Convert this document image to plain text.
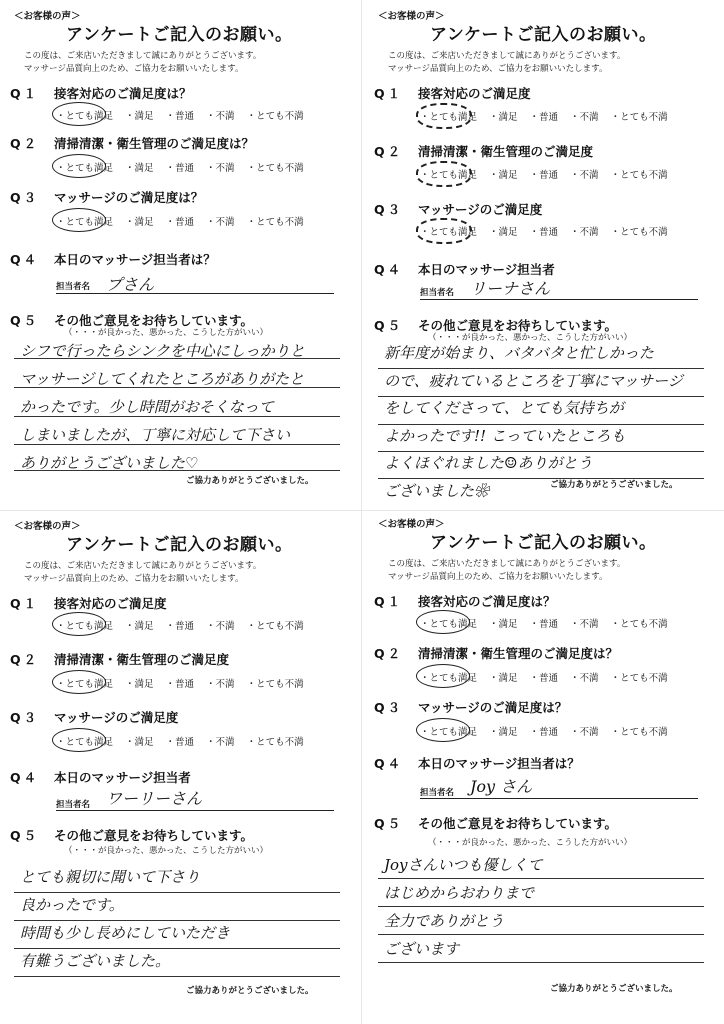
＜お客様の声＞
アンケートご記入のお願い。
この度は、ご来店いただきまして誠にありがとうございます。
マッサージ品質向上のため、ご協力をお願いいたします。
Q１ 接客対応のご満足度は？
Q２ 清掃清潔・衛生管理のご満足度は？
Q３ マッサージのご満足度は？
Q４ 本日のマッサージ担当者は？
Q５ その他ご意見をお待ちしています。
・とても満足 ・満足 ・普通 ・不満 ・とても不満
・とても満足 ・満足 ・普通 ・不満 ・とても不満
・とても満足 ・満足 ・普通 ・不満 ・とても不満
担当者名 プさん
（・・・が良かった、悪かった、こうした方がいい）
シフで行ったらシンクを中心にしっかりと
マッサージしてくれたところがありがたと
かったです。少し時間がおそくなって
しまいましたが、丁寧に対応して下さい
ありがとうございました♡
ご協力ありがとうございました。
＜お客様の声＞
アンケートご記入のお願い。
この度は、ご来店いただきまして誠にありがとうございます。
マッサージ品質向上のため、ご協力をお願いいたします。
Q１ 接客対応のご満足度
Q２ 清掃清潔・衛生管理のご満足度
Q３ マッサージのご満足度
Q４ 本日のマッサージ担当者
Q５ その他ご意見をお待ちしています。
・とても満足 ・満足 ・普通 ・不満 ・とても不満
・とても満足 ・満足 ・普通 ・不満 ・とても不満
・とても満足 ・満足 ・普通 ・不満 ・とても不満
担当者名 リーナさん
（・・・が良かった、悪かった、こうした方がいい）
新年度が始まり、バタバタと忙しかった
ので、疲れているところを丁寧にマッサージ
をしてくださって、とても気持ちが
よかったです!! こっていたところも
よくほぐれました☺ありがとう
ございました❀	ご協力ありがとうございました。
＜お客様の声＞
アンケートご記入のお願い。
この度は、ご来店いただきまして誠にありがとうございます。
マッサージ品質向上のため、ご協力をお願いいたします。
Q１ 接客対応のご満足度
Q２ 清掃清潔・衛生管理のご満足度
Q３ マッサージのご満足度
Q４ 本日のマッサージ担当者
Q５ その他ご意見をお待ちしています。
・とても満足 ・満足 ・普通 ・不満 ・とても不満
・とても満足 ・満足 ・普通 ・不満 ・とても不満
・とても満足 ・満足 ・普通 ・不満 ・とても不満
担当者名 ワーリーさん
（・・・が良かった、悪かった、こうした方がいい）
とても親切に聞いて下さり
良かったです。
時間も少し長めにしていただき
有難うございました。
ご協力ありがとうございました。
＜お客様の声＞
アンケートご記入のお願い。
この度は、ご来店いただきまして誠にありがとうございます。
マッサージ品質向上のため、ご協力をお願いいたします。
Q１ 接客対応のご満足度は？
Q２ 清掃清潔・衛生管理のご満足度は？
Q３ マッサージのご満足度は？
Q４ 本日のマッサージ担当者は？
Q５ その他ご意見をお待ちしています。
・とても満足 ・満足 ・普通 ・不満 ・とても不満
・とても満足 ・満足 ・普通 ・不満 ・とても不満
・とても満足 ・満足 ・普通 ・不満 ・とても不満
担当者名 Joy さん
（・・・が良かった、悪かった、こうした方がいい）
Joyさんいつも優しくて
はじめからおわりまで
全力でありがとう
ございます
ご協力ありがとうございました。
